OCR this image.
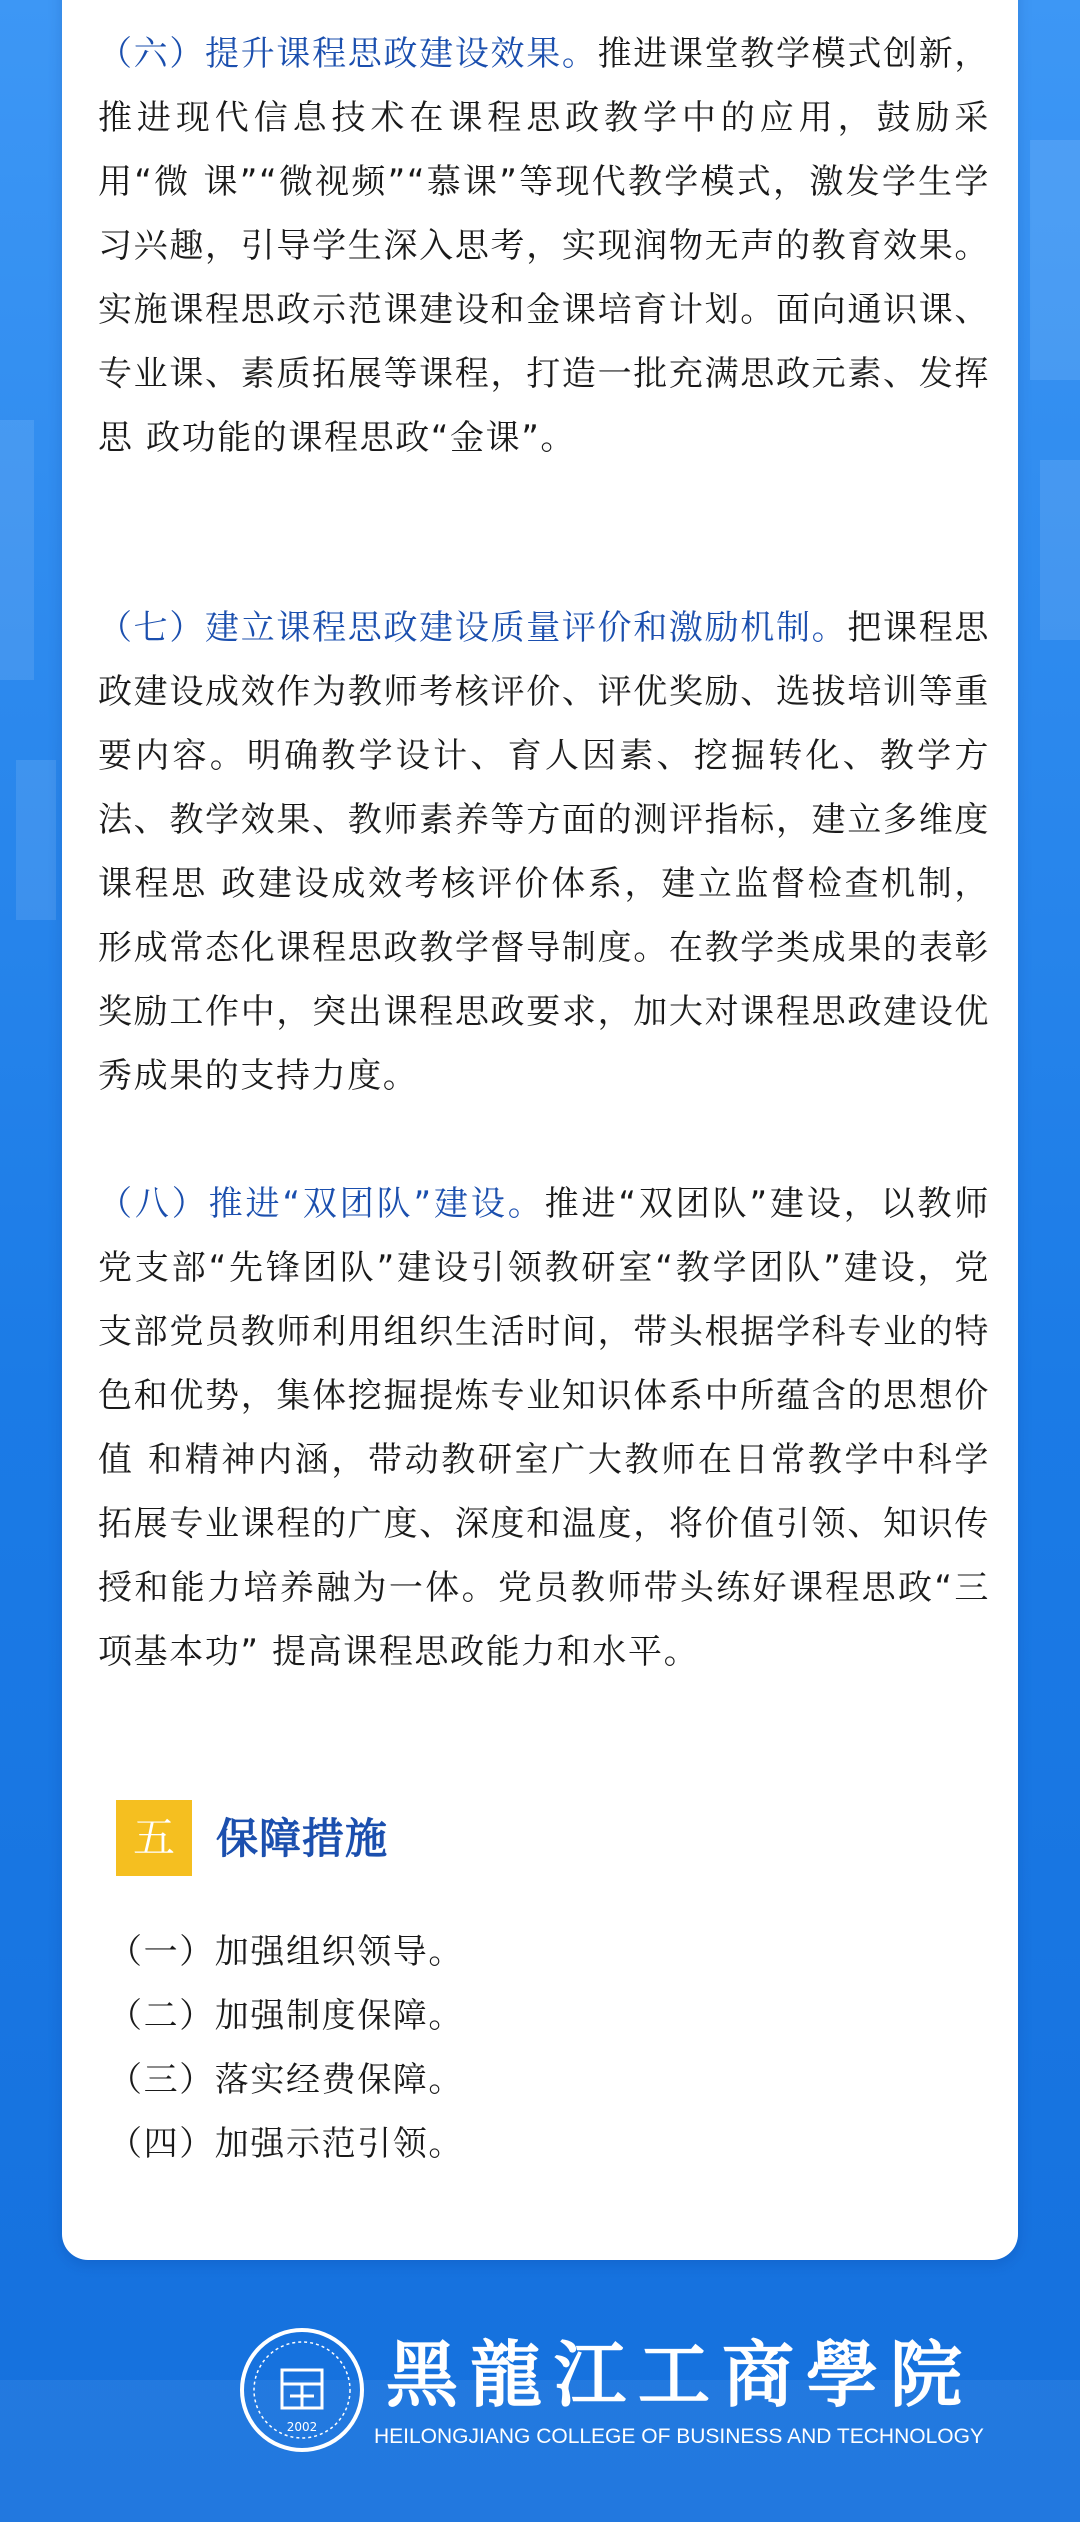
（六）提升课程思政建设效果。推进课堂教学模式创新， 推进现代信息技术在课程思政教学中的应用，鼓励采用“微 课”“微视频”“慕课”等现代教学模式，激发学生学习兴趣，引导学生深入思考，实现润物无声的教育效果。实施课程思政示范课建设和金课培育计划。面向通识课、专业课、素质拓展等课程，打造一批充满思政元素、发挥思 政功能的课程思政“金课”。

（七）建立课程思政建设质量评价和激励机制。把课程思政建设成效作为教师考核评价、评优奖励、选拔培训等重要内容。明确教学设计、育人因素、挖掘转化、教学方法、教学效果、教师素养等方面的测评指标，建立多维度课程思 政建设成效考核评价体系，建立监督检查机制，形成常态化课程思政教学督导制度。在教学类成果的表彰奖励工作中，突出课程思政要求，加大对课程思政建设优秀成果的支持力度。

（八）推进“双团队”建设。推进“双团队”建设，以教师党支部“先锋团队”建设引领教研室“教学团队”建设，党支部党员教师利用组织生活时间，带头根据学科专业的特色和优势，集体挖掘提炼专业知识体系中所蕴含的思想价值 和精神内涵，带动教研室广大教师在日常教学中科学拓展专业课程的广度、深度和温度，将价值引领、知识传授和能力培养融为一体。党员教师带头练好课程思政“三项基本功” 提高课程思政能力和水平。

五 保障措施
（一）加强组织领导。
（二）加强制度保障。
（三）落实经费保障。
（四）加强示范引领。
2002
黑龍江工商學院
HEILONGJIANG COLLEGE OF BUSINESS AND TECHNOLOGY
